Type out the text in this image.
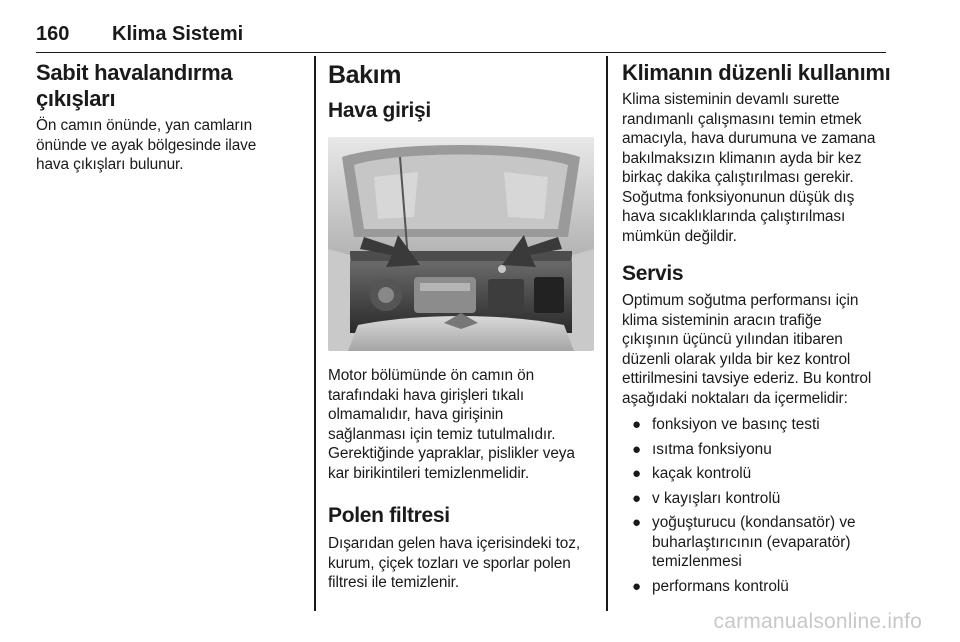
160 Klima Sistemi
Sabit havalandırma çıkışları

Ön camın önünde, yan camların

önünde ve ayak bölgesinde ilave

hava çıkışları bulunur.

Bakım
Hava girişi

Motor bölümünde ön camın ön

tarafındaki hava girişleri tıkalı

olmamalıdır, hava girişinin

sağlanması için temiz tutulmalıdır.

Gerektiğinde yapraklar, pislikler veya

kar birikintileri temizlenmelidir.

Polen filtresi

Dışarıdan gelen hava içerisindeki toz,

kurum, çiçek tozları ve sporlar polen

filtresi ile temizlenir.

Klimanın düzenli kullanımı

Klima sisteminin devamlı surette

randımanlı çalışmasını temin etmek

amacıyla, hava durumuna ve zamana

bakılmaksızın klimanın ayda bir kez

birkaç dakika çalıştırılması gerekir.

Soğutma fonksiyonunun düşük dış

hava sıcaklıklarında çalıştırılması

mümkün değildir.

Servis

Optimum soğutma performansı için

klima sisteminin aracın trafiğe

çıkışının üçüncü yılından itibaren

düzenli olarak yılda bir kez kontrol

ettirilmesini tavsiye ederiz. Bu kontrol

aşağıdaki noktaları da içermelidir:

● fonksiyon ve basınç testi
● ısıtma fonksiyonu
● kaçak kontrolü
● v kayışları kontrolü
● yoğuşturucu (kondansatör) ve
buharlaştırıcının (evaparatör)
temizlenmesi
● performans kontrolü
carmanualsonline.info
